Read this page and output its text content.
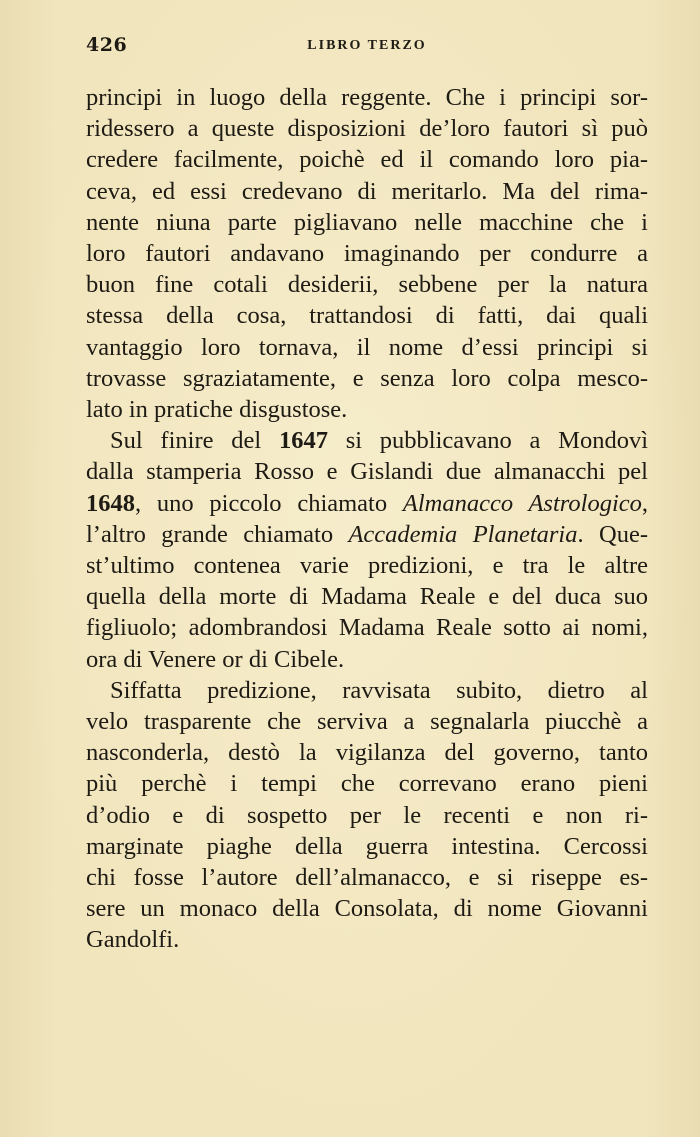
426	LIBRO TERZO
principi in luogo della reggente. Che i principi sor-
ridessero a queste disposizioni de’loro fautori sì può
credere facilmente, poichè ed il comando loro pia-
ceva, ed essi credevano di meritarlo. Ma del rima-
nente niuna parte pigliavano nelle macchine che i
loro fautori andavano imaginando per condurre a
buon fine cotali desiderii, sebbene per la natura
stessa della cosa, trattandosi di fatti, dai quali
vantaggio loro tornava, il nome d’essi principi si
trovasse sgraziatamente, e senza loro colpa mesco-
lato in pratiche disgustose.
Sul finire del 1647 si pubblicavano a Mondovì
dalla stamperia Rosso e Gislandi due almanacchi pel
1648, uno piccolo chiamato Almanacco Astrologico,
l’altro grande chiamato Accademia Planetaria. Que-
st’ultimo contenea varie predizioni, e tra le altre
quella della morte di Madama Reale e del duca suo
figliuolo; adombrandosi Madama Reale sotto ai nomi,
ora di Venere or di Cibele.
Siffatta predizione, ravvisata subito, dietro al
velo trasparente che serviva a segnalarla piucchè a
nasconderla, destò la vigilanza del governo, tanto
più perchè i tempi che correvano erano pieni
d’odio e di sospetto per le recenti e non ri-
marginate piaghe della guerra intestina. Cercossi
chi fosse l’autore dell’almanacco, e si riseppe es-
sere un monaco della Consolata, di nome Giovanni
Gandolfi.
